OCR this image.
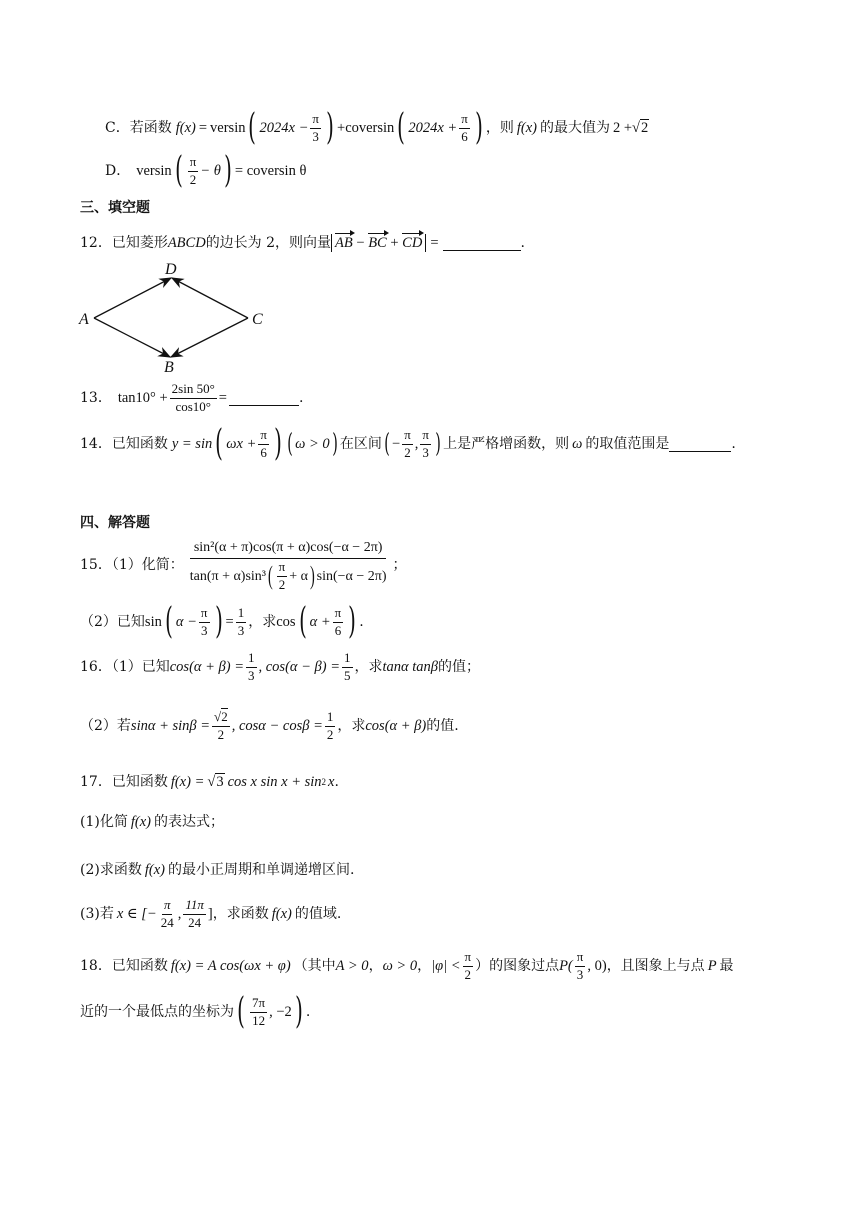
C． 若函数 f(x) = versin ( $2024x - \frac{\pi}{3}$ ) + coversin ( $2024x + \frac{\pi}{6}$ ) ，则 f(x) 的最大值为 2 + √2
D． versin ( $\frac{\pi}{2} - \theta$ ) = coversin θ
三、填空题
12． 已知菱形 ABCD 的边长为 2，则向量 AB − BC + CD =	.
A
D
C
B
13． $\tan 10^\circ + \frac{2\sin 50^\circ}{\cos 10^\circ}$ =	.
14． 已知函数 y = sin ( $\omega x + \frac{\pi}{6}$ ) ( ω > 0 ) 在区间 ( − $\frac{\pi}{2}$ , $\frac{\pi}{3}$ ) 上是严格增函数，则 ω 的取值范围是	.
四、解答题
15．（1）化简：
sin²(α + π)cos(π + α)cos(−α − 2π)
tan(π + α)sin³ ( $\frac{\pi}{2} + \alpha$ ) sin(−α − 2π)
；
（2）已知 sin ( $\alpha - \frac{\pi}{3}$ ) = $\frac{1}{3}$ ，求 cos ( $\alpha + \frac{\pi}{6}$ ) .
16．（1）已知 $\cos(\alpha + \beta) = \frac{1}{3}$ , $\cos(\alpha - \beta) = \frac{1}{5}$ ，求 tanα tanβ 的值；
（2）若 $\sin\alpha + \sin\beta = \frac{√2}{2}$ , $\cos\alpha - \cos\beta = \frac{1}{2}$ ，求 cos(α + β) 的值.
17． 已知函数 f(x) = √3 cos x sin x + sin 2 x .
(1)化简 f(x) 的表达式；
(2)求函数 f(x) 的最小正周期和单调递增区间.
(3)若 x ∈ [− $\frac{\pi}{24}$ , $\frac{11\pi}{24}$ ] ，求函数 f(x) 的值域.
18． 已知函数 f(x) = A cos(ωx + φ) （其中 A > 0 ， ω > 0 ， $|\varphi| < \frac{\pi}{2}$ ）的图象过点 $P( \frac{\pi}{3}$ , 0) ，且图象上与点 P 最
近的一个最低点的坐标为 ( $\frac{7\pi}{12}$ , −2 ) .
